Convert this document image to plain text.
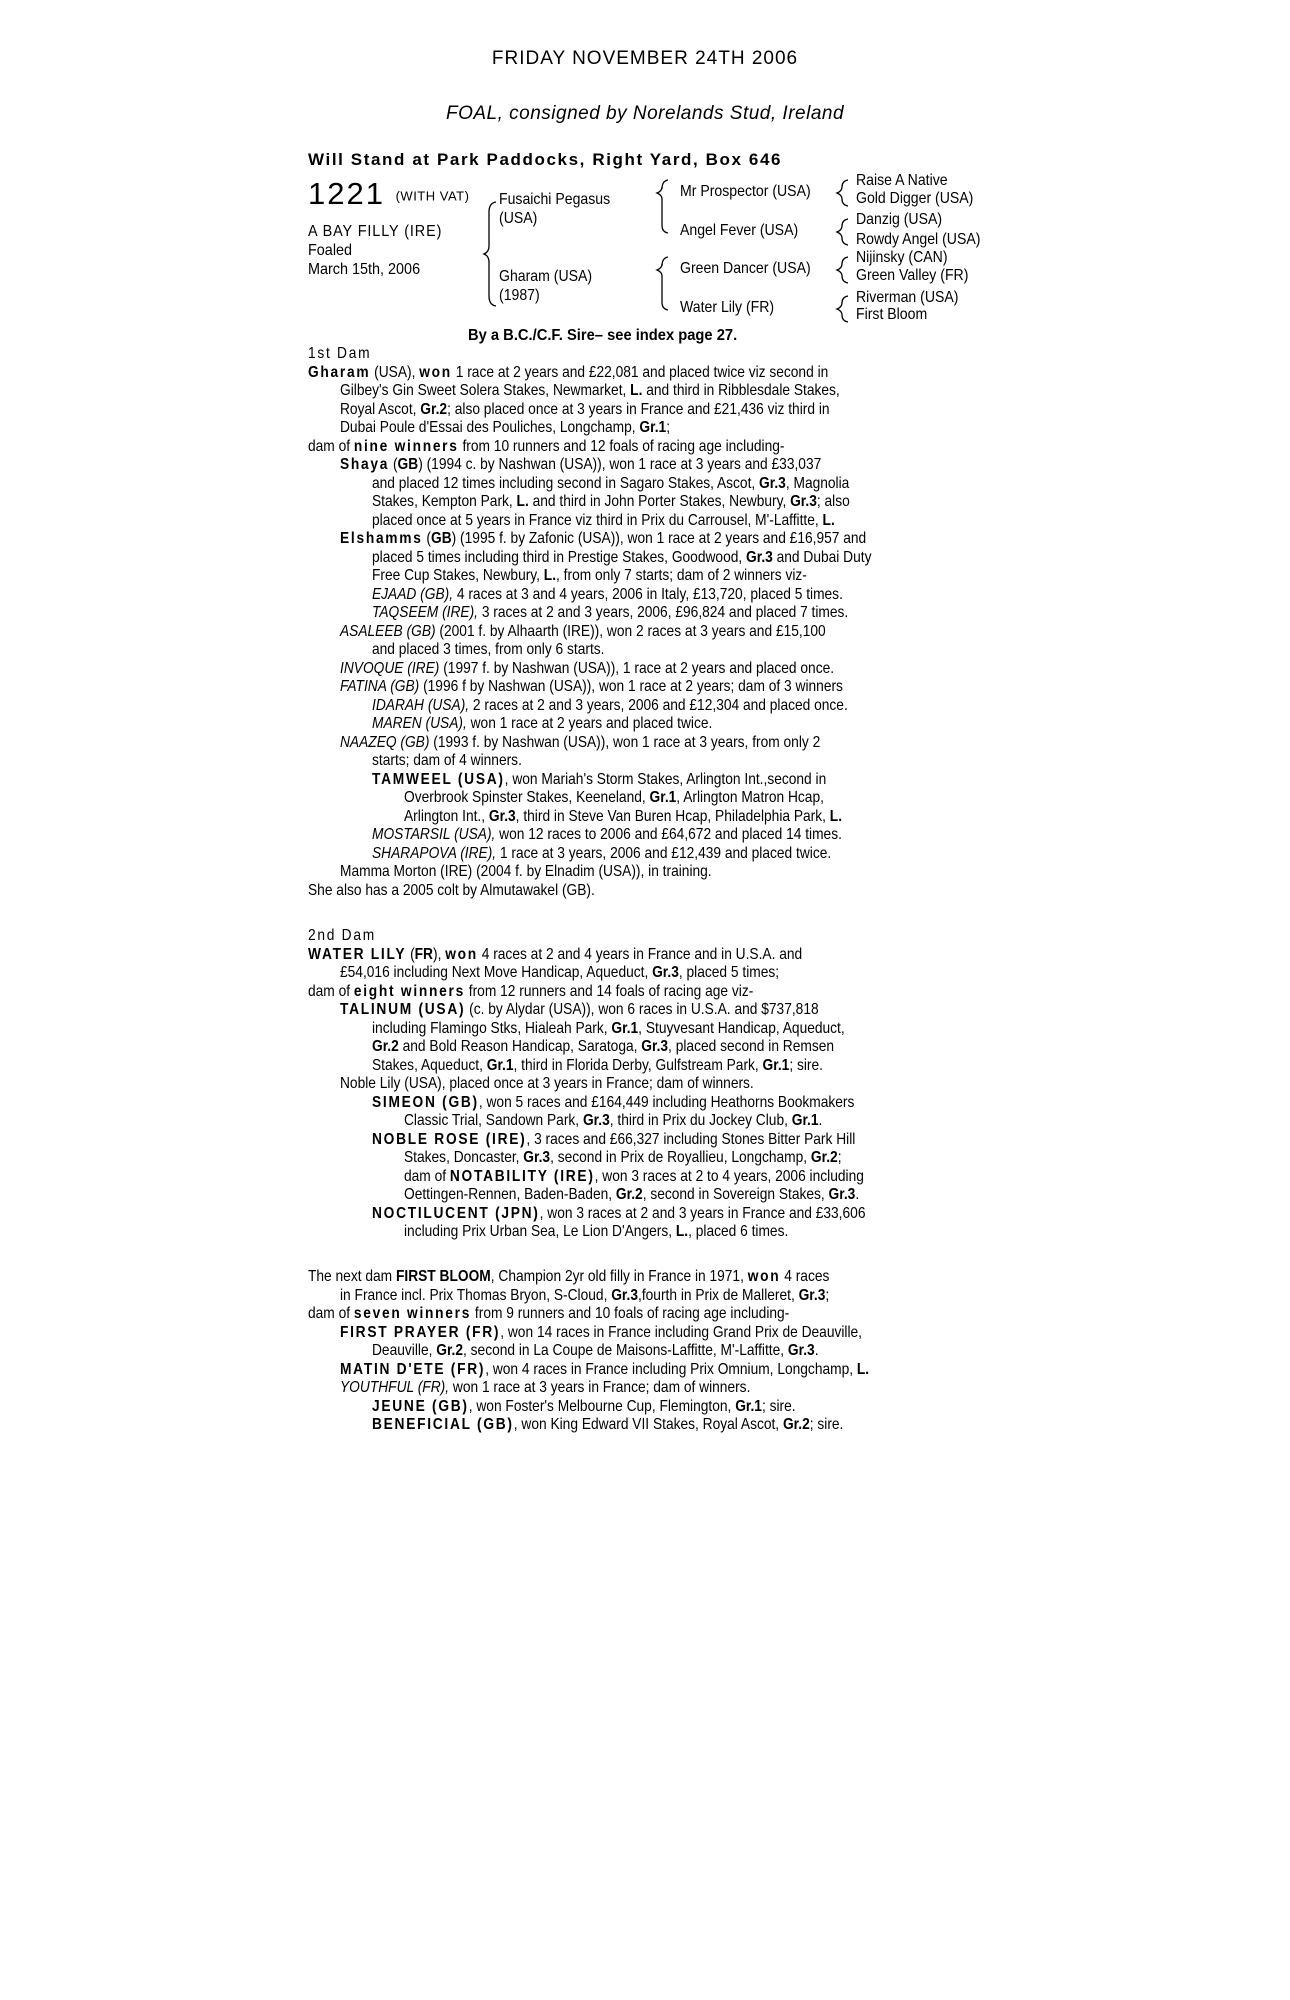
FRIDAY NOVEMBER 24TH 2006
FOAL, consigned by Norelands Stud, Ireland
Will Stand at Park Paddocks, Right Yard, Box 646
1221 (WITH VAT)
A BAY FILLY (IRE)
Foaled
March 15th, 2006
Fusaichi Pegasus
(USA)
Gharam (USA)
(1987)
Mr Prospector (USA)
Angel Fever (USA)
Green Dancer (USA)
Water Lily (FR)
Raise A Native
Gold Digger (USA)
Danzig (USA)
Rowdy Angel (USA)
Nijinsky (CAN)
Green Valley (FR)
Riverman (USA)
First Bloom
By a B.C./C.F. Sire– see index page 27.
1st Dam
Gharam (USA), won 1 race at 2 years and £22,081 and placed twice viz second in
Gilbey's Gin Sweet Solera Stakes, Newmarket, L. and third in Ribblesdale Stakes,
Royal Ascot, Gr.2; also placed once at 3 years in France and £21,436 viz third in
Dubai Poule d'Essai des Pouliches, Longchamp, Gr.1;
dam of nine winners from 10 runners and 12 foals of racing age including-
Shaya (GB) (1994 c. by Nashwan (USA)), won 1 race at 3 years and £33,037
and placed 12 times including second in Sagaro Stakes, Ascot, Gr.3, Magnolia
Stakes, Kempton Park, L. and third in John Porter Stakes, Newbury, Gr.3; also
placed once at 5 years in France viz third in Prix du Carrousel, M'-Laffitte, L.
Elshamms (GB) (1995 f. by Zafonic (USA)), won 1 race at 2 years and £16,957 and
placed 5 times including third in Prestige Stakes, Goodwood, Gr.3 and Dubai Duty
Free Cup Stakes, Newbury, L., from only 7 starts; dam of 2 winners viz-
EJAAD (GB), 4 races at 3 and 4 years, 2006 in Italy, £13,720, placed 5 times.
TAQSEEM (IRE), 3 races at 2 and 3 years, 2006, £96,824 and placed 7 times.
ASALEEB (GB) (2001 f. by Alhaarth (IRE)), won 2 races at 3 years and £15,100
and placed 3 times, from only 6 starts.
INVOQUE (IRE) (1997 f. by Nashwan (USA)), 1 race at 2 years and placed once.
FATINA (GB) (1996 f by Nashwan (USA)), won 1 race at 2 years; dam of 3 winners
IDARAH (USA), 2 races at 2 and 3 years, 2006 and £12,304 and placed once.
MAREN (USA), won 1 race at 2 years and placed twice.
NAAZEQ (GB) (1993 f. by Nashwan (USA)), won 1 race at 3 years, from only 2
starts; dam of 4 winners.
TAMWEEL (USA), won Mariah's Storm Stakes, Arlington Int.,second in
Overbrook Spinster Stakes, Keeneland, Gr.1, Arlington Matron Hcap,
Arlington Int., Gr.3, third in Steve Van Buren Hcap, Philadelphia Park, L.
MOSTARSIL (USA), won 12 races to 2006 and £64,672 and placed 14 times.
SHARAPOVA (IRE), 1 race at 3 years, 2006 and £12,439 and placed twice.
Mamma Morton (IRE) (2004 f. by Elnadim (USA)), in training.
She also has a 2005 colt by Almutawakel (GB).
2nd Dam
WATER LILY (FR), won 4 races at 2 and 4 years in France and in U.S.A. and
£54,016 including Next Move Handicap, Aqueduct, Gr.3, placed 5 times;
dam of eight winners from 12 runners and 14 foals of racing age viz-
TALINUM (USA) (c. by Alydar (USA)), won 6 races in U.S.A. and $737,818
including Flamingo Stks, Hialeah Park, Gr.1, Stuyvesant Handicap, Aqueduct,
Gr.2 and Bold Reason Handicap, Saratoga, Gr.3, placed second in Remsen
Stakes, Aqueduct, Gr.1, third in Florida Derby, Gulfstream Park, Gr.1; sire.
Noble Lily (USA), placed once at 3 years in France; dam of winners.
SIMEON (GB), won 5 races and £164,449 including Heathorns Bookmakers
Classic Trial, Sandown Park, Gr.3, third in Prix du Jockey Club, Gr.1.
NOBLE ROSE (IRE), 3 races and £66,327 including Stones Bitter Park Hill
Stakes, Doncaster, Gr.3, second in Prix de Royallieu, Longchamp, Gr.2;
dam of NOTABILITY (IRE), won 3 races at 2 to 4 years, 2006 including
Oettingen-Rennen, Baden-Baden, Gr.2, second in Sovereign Stakes, Gr.3.
NOCTILUCENT (JPN), won 3 races at 2 and 3 years in France and £33,606
including Prix Urban Sea, Le Lion D'Angers, L., placed 6 times.
The next dam FIRST BLOOM, Champion 2yr old filly in France in 1971, won 4 races
in France incl. Prix Thomas Bryon, S-Cloud, Gr.3,fourth in Prix de Malleret, Gr.3;
dam of seven winners from 9 runners and 10 foals of racing age including-
FIRST PRAYER (FR), won 14 races in France including Grand Prix de Deauville,
Deauville, Gr.2, second in La Coupe de Maisons-Laffitte, M'-Laffitte, Gr.3.
MATIN D'ETE (FR), won 4 races in France including Prix Omnium, Longchamp, L.
YOUTHFUL (FR), won 1 race at 3 years in France; dam of winners.
JEUNE (GB), won Foster's Melbourne Cup, Flemington, Gr.1; sire.
BENEFICIAL (GB), won King Edward VII Stakes, Royal Ascot, Gr.2; sire.
